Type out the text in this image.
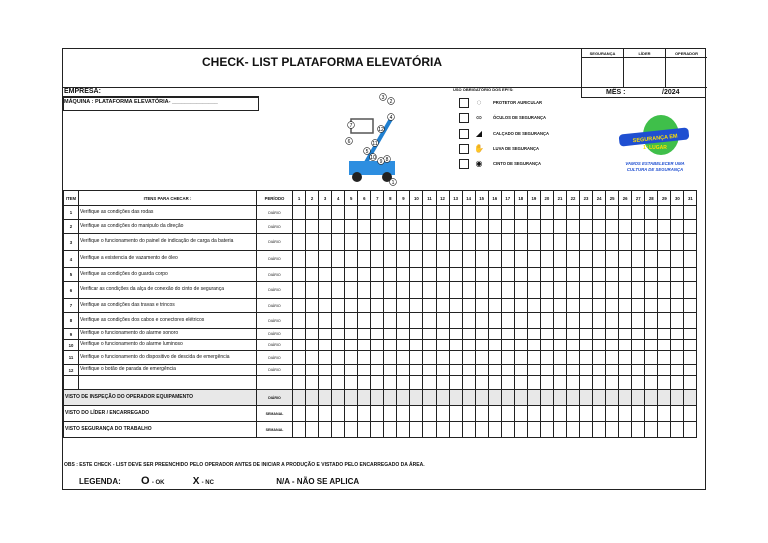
CHECK- LIST PLATAFORMA ELEVATÓRIA
SEGURANÇA	LÍDER	OPERADOR
EMPRESA:
MÁQUINA : PLATAFORMA ELEVATÓRIA- _______________
MÊS :	/2024
USO OBRIGATÓRIO DOS EPI'S:
◌	PROTETOR AURICULAR
∞	ÓCULOS DE SEGURANÇA
◢	CALÇADO DE SEGURANÇA
✋	LUVA DE SEGURANÇA
◉	CINTO DE SEGURANÇA
1
2
3
4
5
6
7
8
9
10
11
12
SEGURANÇA EM
1º LUGAR
VAMOS ESTABELECER UMA
CULTURA DE SEGURANÇA
ITEM	ITENS PARA CHECAR :	PERÍODO	1	2	3	4	5	6	7	8	9	10	11	12	13	14	15	16	17	18	19	20	21	22	23	24	25	26	27	28	29	30	31
1	Verifique as condições das rodas	DIÁRIO																															
2	Verifique as condições do manipulo da direção	DIÁRIO																															
3	Verifique o funcionamento do painel de indicação de carga da bateria	DIÁRIO																															
4	Verifique a existencia de vazamento de óleo	DIÁRIO																															
5	Verifique as condições do guarda corpo	DIÁRIO																															
6	Verificar as condições da alça de conexão do cinto de segurança	DIÁRIO																															
7	Verifique as condições das travas e trincos	DIÁRIO																															
8	Verifique as condições dos cabos e conectores elétricos	DIÁRIO																															
9	Verifique o funcionamento do alarme sonoro	DIÁRIO																															
10	Verifique o funcionamento do alarme luminoso	DIÁRIO																															
11	Verifique o funcionamento do dispositivo de descida de emergência	DIÁRIO																															
12	Verifique o botão de parada de emergência	DIÁRIO																															

VISTO DE INSPEÇÃO DO OPERADOR EQUIPAMENTO		DIÁRIO																															
VISTO DO LÍDER / ENCARREGADO		SEMANAL																															
VISTO SEGURANÇA DO TRABALHO		SEMANAL																															
OBS : ESTE CHECK - LIST DEVE SER PREENCHIDO PELO OPERADOR ANTES DE INICIAR A PRODUÇÃO E VISTADO PELO ENCARREGADO DA ÁREA.
LEGENDA: O - OK	X - NC	N/A - NÃO SE APLICA
